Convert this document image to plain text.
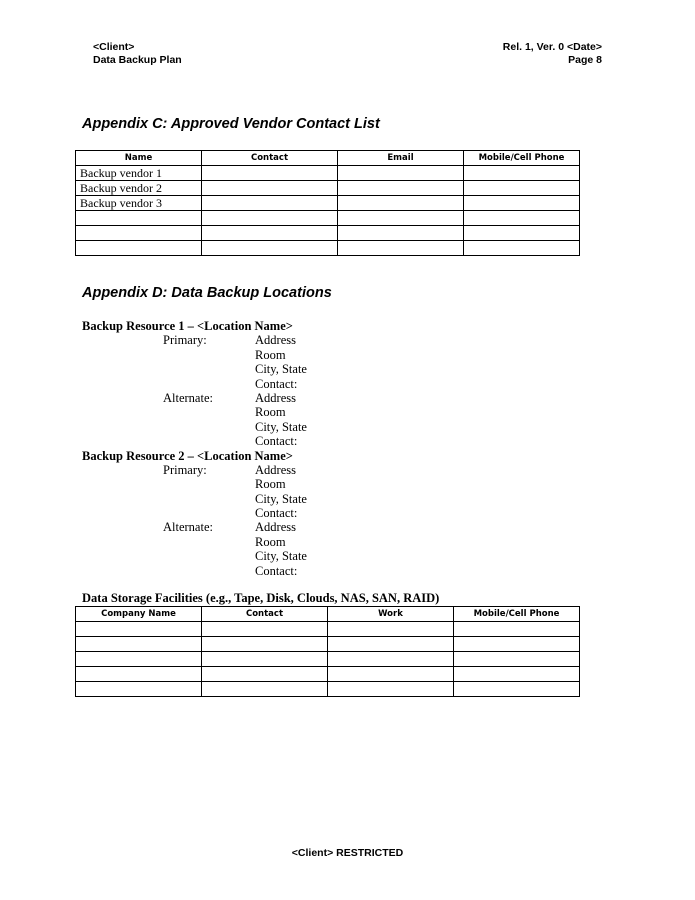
<Client>
Data Backup Plan
Rel. 1, Ver. 0 <Date>
Page 8
Appendix C: Approved Vendor Contact List
Name	Contact	Email	Mobile/Cell Phone
Backup vendor 1			
Backup vendor 2			
Backup vendor 3			

Appendix D: Data Backup Locations
Backup Resource 1 – <Location Name>
Primary:	Address
Room
City, State
Contact:
Alternate:	Address
Room
City, State
Contact:
Backup Resource 2 – <Location Name>
Primary:	Address
Room
City, State
Contact:
Alternate:	Address
Room
City, State
Contact:
Data Storage Facilities (e.g., Tape, Disk, Clouds, NAS, SAN, RAID)
Company Name	Contact	Work	Mobile/Cell Phone

<Client> RESTRICTED
